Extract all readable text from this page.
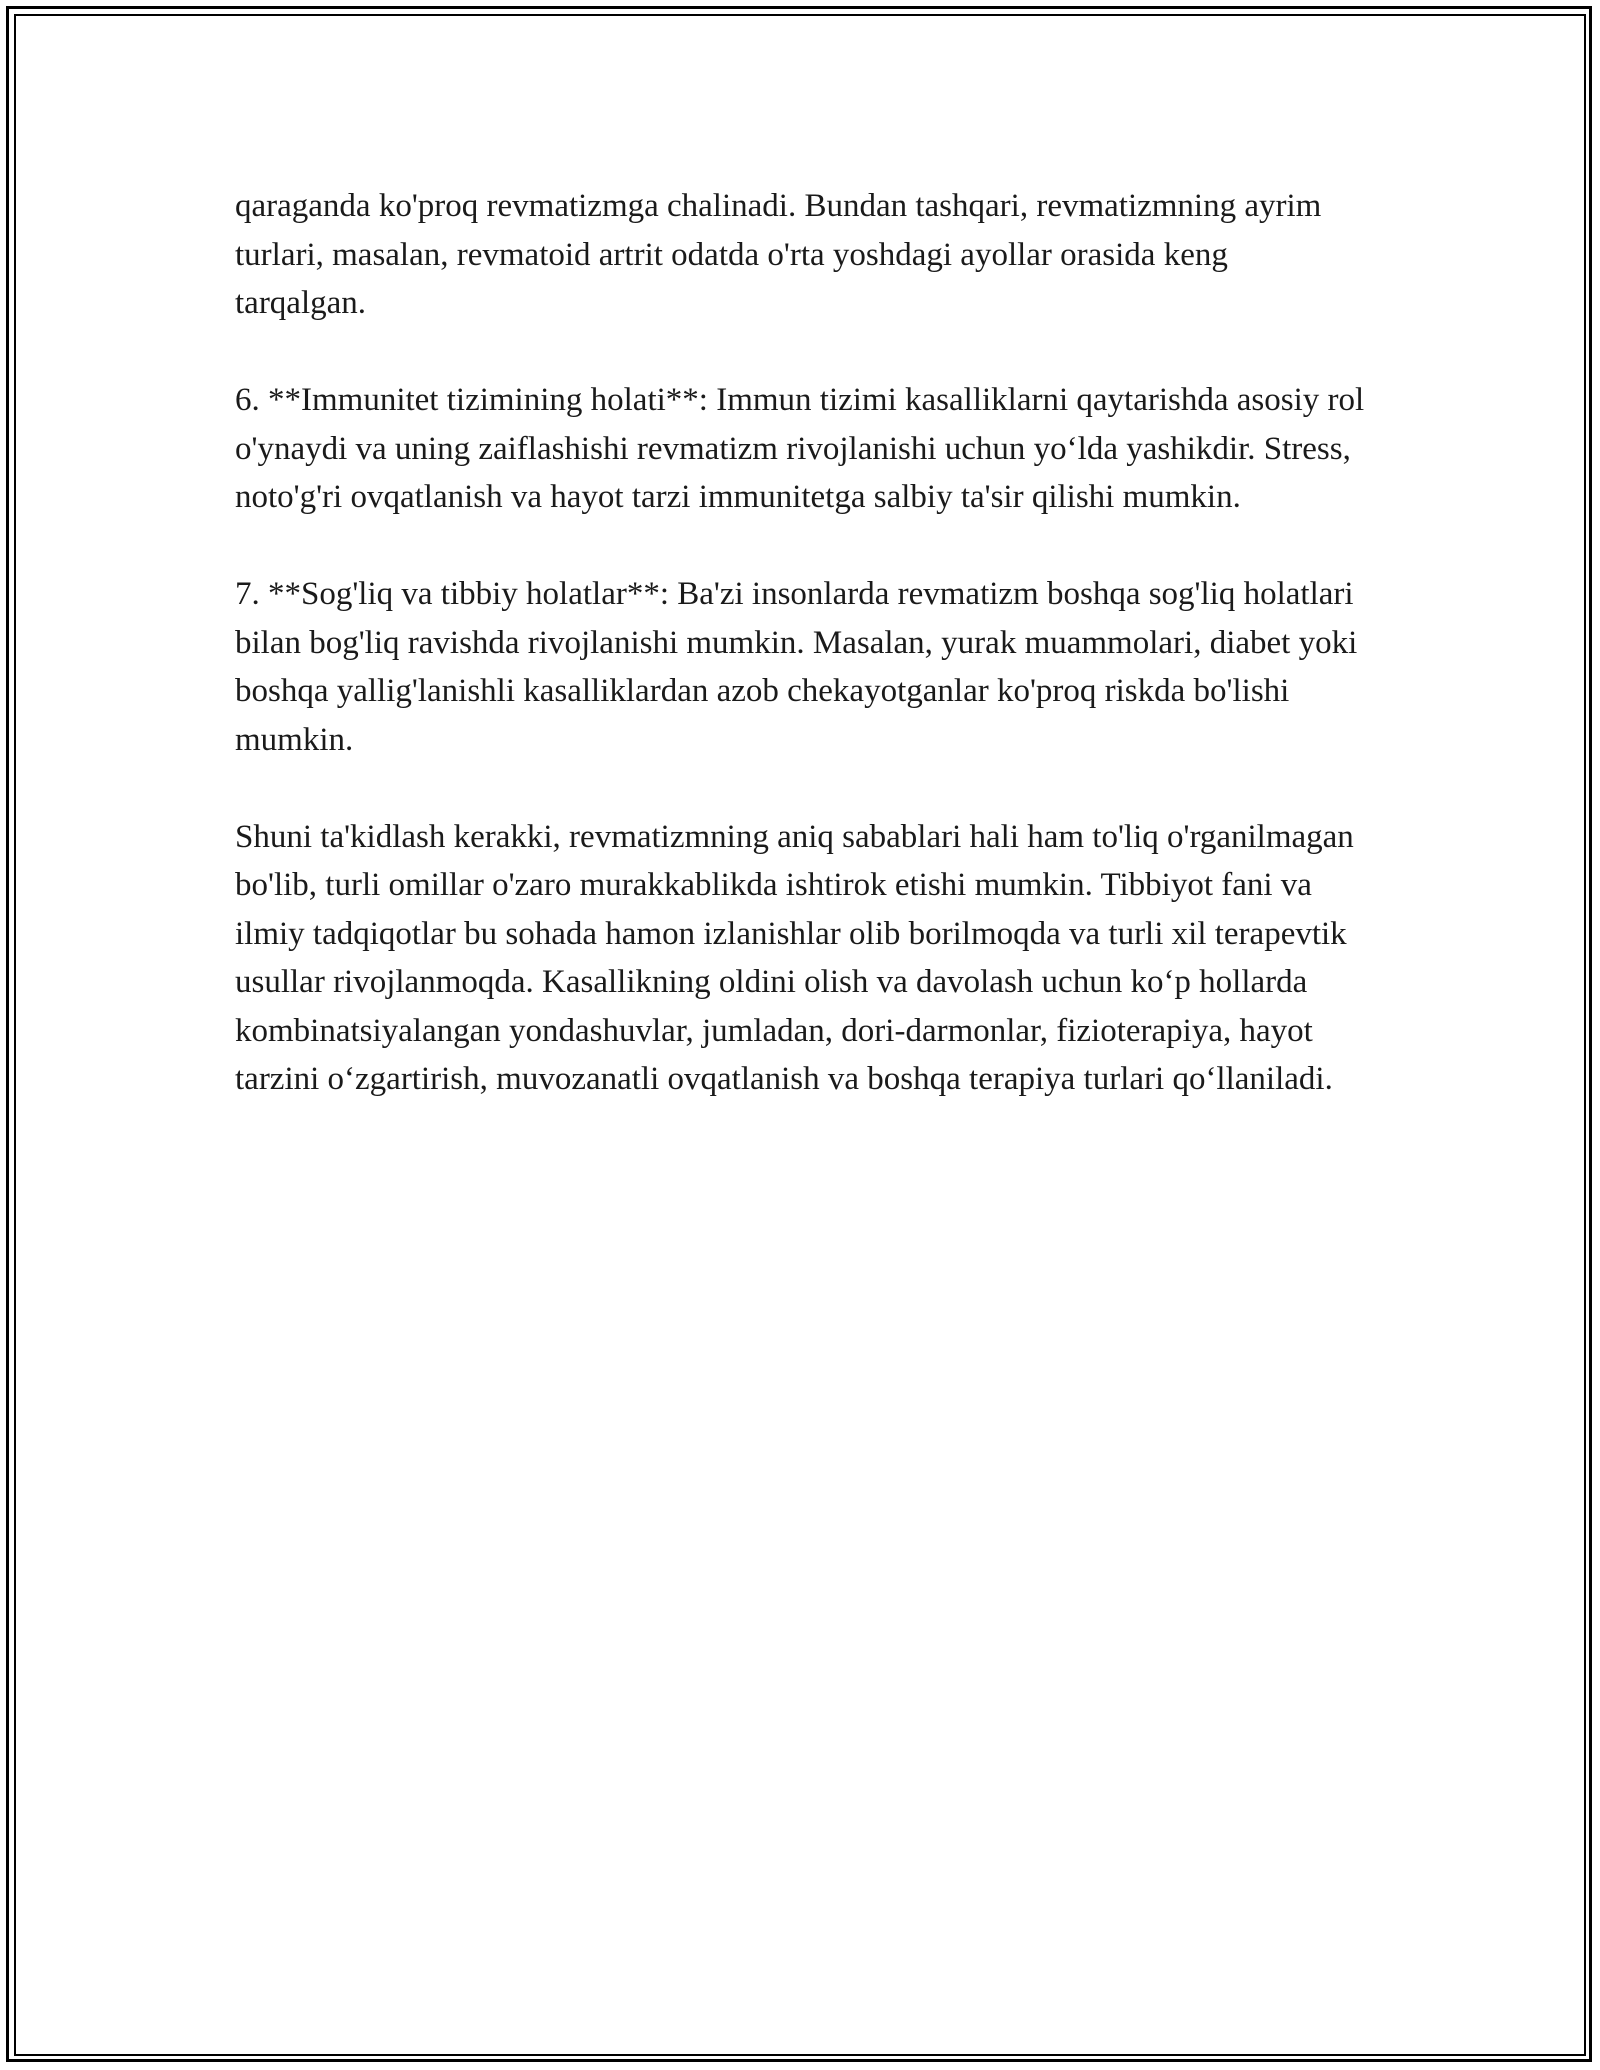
qaraganda ko'proq revmatizmga chalinadi. Bundan tashqari, revmatizmning ayrim turlari, masalan, revmatoid artrit odatda o'rta yoshdagi ayollar orasida keng tarqalgan.

6. **Immunitet tizimining holati**: Immun tizimi kasalliklarni qaytarishda asosiy rol o'ynaydi va uning zaiflashishi revmatizm rivojlanishi uchun yo‘lda yashikdir. Stress, noto'g'ri ovqatlanish va hayot tarzi immunitetga salbiy ta'sir qilishi mumkin.

7. **Sog'liq va tibbiy holatlar**: Ba'zi insonlarda revmatizm boshqa sog'liq holatlari bilan bog'liq ravishda rivojlanishi mumkin. Masalan, yurak muammolari, diabet yoki boshqa yallig'lanishli kasalliklardan azob chekayotganlar ko'proq riskda bo'lishi mumkin.

Shuni ta'kidlash kerakki, revmatizmning aniq sabablari hali ham to'liq o'rganilmagan bo'lib, turli omillar o'zaro murakkablikda ishtirok etishi mumkin. Tibbiyot fani va ilmiy tadqiqotlar bu sohada hamon izlanishlar olib borilmoqda va turli xil terapevtik usullar rivojlanmoqda. Kasallikning oldini olish va davolash uchun ko‘p hollarda kombinatsiyalangan yondashuvlar, jumladan, dori-darmonlar, fizioterapiya, hayot tarzini o‘zgartirish, muvozanatli ovqatlanish va boshqa terapiya turlari qo‘llaniladi.
